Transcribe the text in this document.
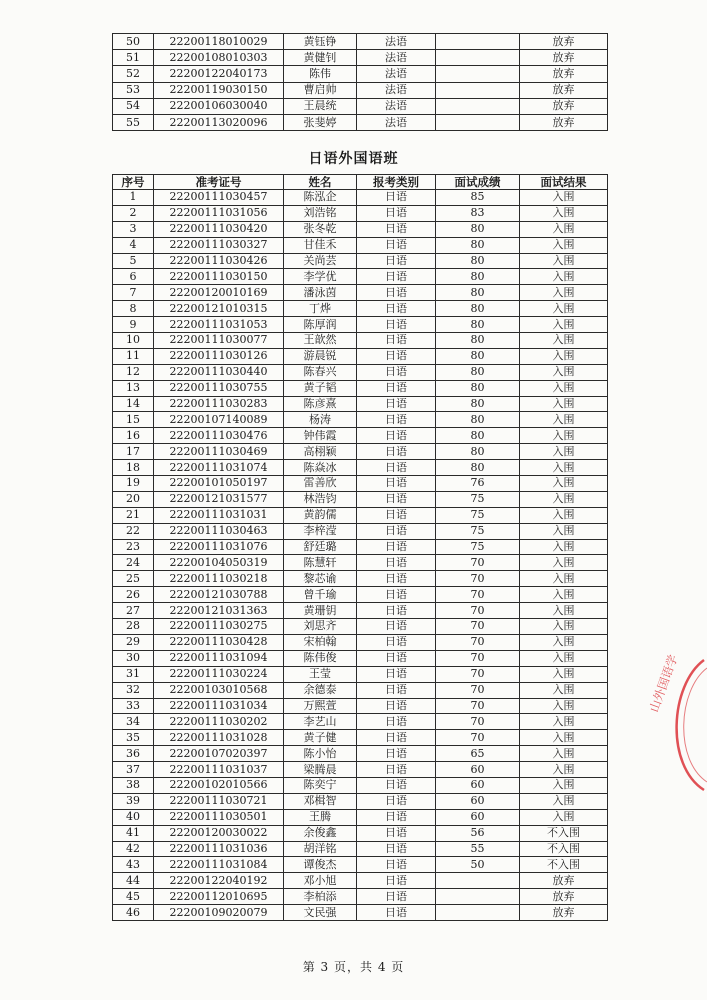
50	22200118010029	黄钰铮	法语		放弃
51	22200108010303	黄健钊	法语		放弃
52	22200122040173	陈伟	法语		放弃
53	22200119030150	曹启帅	法语		放弃
54	22200106030040	王晨统	法语		放弃
55	22200113020096	张斐婷	法语		放弃
日语外国语班
序号	准考证号	姓名	报考类别	面试成绩	面试结果
1	22200111030457	陈泓企	日语	85	入围
2	22200111031056	刘浩铭	日语	83	入围
3	22200111030420	张冬乾	日语	80	入围
4	22200111030327	甘佳禾	日语	80	入围
5	22200111030426	关尚芸	日语	80	入围
6	22200111030150	李学优	日语	80	入围
7	22200120010169	潘泳茵	日语	80	入围
8	22200121010315	丁烨	日语	80	入围
9	22200111031053	陈厚润	日语	80	入围
10	22200111030077	王歆然	日语	80	入围
11	22200111030126	游晨锐	日语	80	入围
12	22200111030440	陈春兴	日语	80	入围
13	22200111030755	黄子韬	日语	80	入围
14	22200111030283	陈彦熹	日语	80	入围
15	22200107140089	杨涛	日语	80	入围
16	22200111030476	钟伟霞	日语	80	入围
17	22200111030469	高栩颖	日语	80	入围
18	22200111031074	陈焱冰	日语	80	入围
19	22200101050197	雷善欣	日语	76	入围
20	22200121031577	林浩钧	日语	75	入围
21	22200111031031	黄韵儒	日语	75	入围
22	22200111030463	李梓滢	日语	75	入围
23	22200111031076	舒廷璐	日语	75	入围
24	22200104050319	陈慧轩	日语	70	入围
25	22200111030218	黎芯谕	日语	70	入围
26	22200121030788	曾千瑜	日语	70	入围
27	22200121031363	黄珊钥	日语	70	入围
28	22200111030275	刘思齐	日语	70	入围
29	22200111030428	宋柏翰	日语	70	入围
30	22200111031094	陈伟俊	日语	70	入围
31	22200111030224	王莹	日语	70	入围
32	22200103010568	余德泰	日语	70	入围
33	22200111031034	万熙萱	日语	70	入围
34	22200111030202	李艺山	日语	70	入围
35	22200111031028	黄子健	日语	70	入围
36	22200107020397	陈小怡	日语	65	入围
37	22200111031037	梁腾晨	日语	60	入围
38	22200102010566	陈奕宁	日语	60	入围
39	22200111030721	邓楫智	日语	60	入围
40	22200111030501	王腾	日语	60	入围
41	22200120030022	余俊鑫	日语	56	不入围
42	22200111031036	胡洋铭	日语	55	不入围
43	22200111031084	谭俊杰	日语	50	不入围
44	22200122040192	邓小旭	日语		放弃
45	22200112010695	李柏添	日语		放弃
46	22200109020079	文民强	日语		放弃
第 3 页，共 4 页
山外国语学
